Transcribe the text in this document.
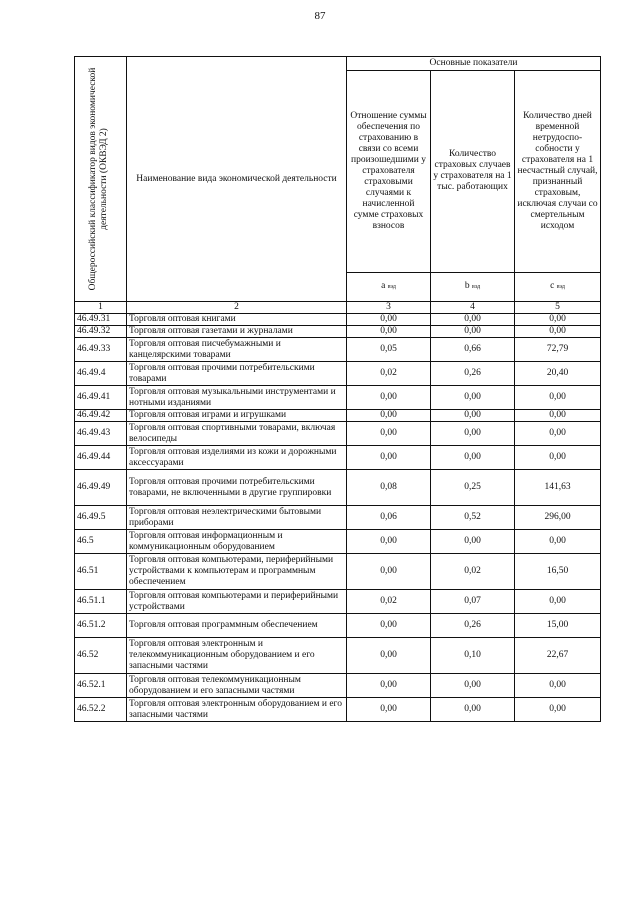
87
Общероссийский классификатор видов экономической деятельности (ОКВЭД 2)	Наименование вида экономической деятельности	Основные показатели		
		Отношение суммы обеспечения по страхованию в связи со всеми произошедшими у страхователя страховыми случаями к начисленной сумме страховых взносов	Количество страховых случаев у страхователя на 1 тыс. работающих	Количество дней временной нетрудоспо-собности у страхователя на 1 несчастный случай, признанный страховым, исключая случаи со смертельным исходом
		a вэд	b вэд	c вэд
1	2	3	4	5
46.49.31	Торговля оптовая книгами	0,00	0,00	0,00
46.49.32	Торговля оптовая газетами и журналами	0,00	0,00	0,00
46.49.33	Торговля оптовая писчебумажными и канцелярскими товарами	0,05	0,66	72,79
46.49.4	Торговля оптовая прочими потребительскими товарами	0,02	0,26	20,40
46.49.41	Торговля оптовая музыкальными инструментами и нотными изданиями	0,00	0,00	0,00
46.49.42	Торговля оптовая играми и игрушками	0,00	0,00	0,00
46.49.43	Торговля оптовая спортивными товарами, включая велосипеды	0,00	0,00	0,00
46.49.44	Торговля оптовая изделиями из кожи и дорожными аксессуарами	0,00	0,00	0,00
46.49.49	Торговля оптовая прочими потребительскими товарами, не включенными в другие группировки	0,08	0,25	141,63
46.49.5	Торговля оптовая неэлектрическими бытовыми приборами	0,06	0,52	296,00
46.5	Торговля оптовая информационным и коммуникационным оборудованием	0,00	0,00	0,00
46.51	Торговля оптовая компьютерами, периферийными устройствами к компьютерам и программным обеспечением	0,00	0,02	16,50
46.51.1	Торговля оптовая компьютерами и периферийными устройствами	0,02	0,07	0,00
46.51.2	Торговля оптовая программным обеспечением	0,00	0,26	15,00
46.52	Торговля оптовая электронным и телекоммуникационным оборудованием и его запасными частями	0,00	0,10	22,67
46.52.1	Торговля оптовая телекоммуникационным оборудованием и его запасными частями	0,00	0,00	0,00
46.52.2	Торговля оптовая электронным оборудованием и его запасными частями	0,00	0,00	0,00
